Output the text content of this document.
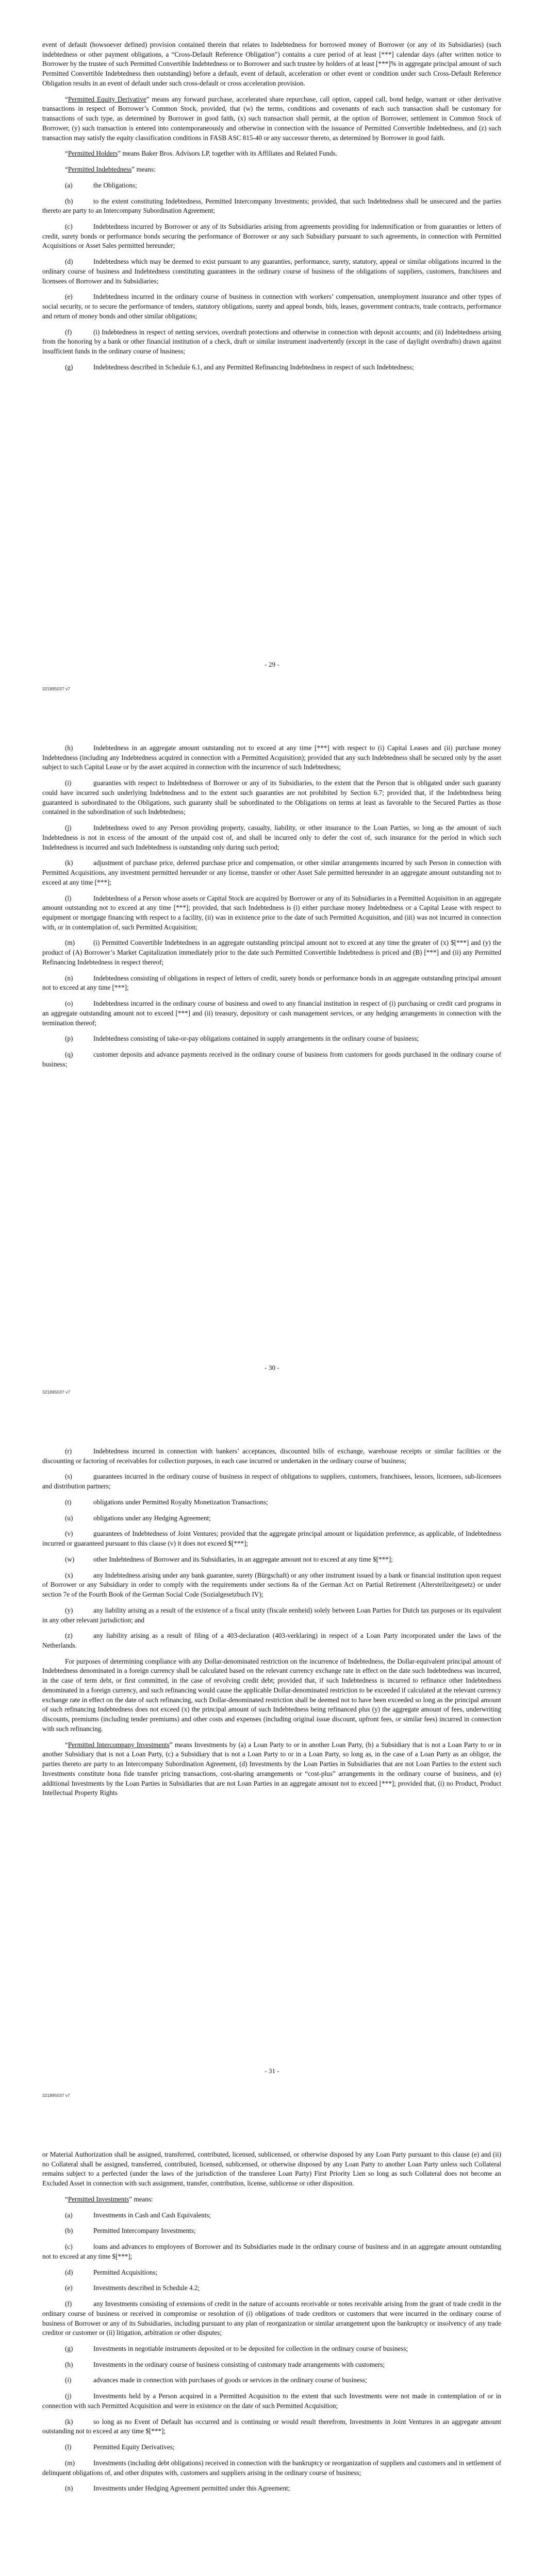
event of default (howsoever defined) provision contained therein that relates to Indebtedness for borrowed money of Borrower (or any of its Subsidiaries) (such indebtedness or other payment obligations, a “Cross-Default Reference Obligation”) contains a cure period of at least [***] calendar days (after written notice to Borrower by the trustee of such Permitted Convertible Indebtedness or to Borrower and such trustee by holders of at least [***]% in aggregate principal amount of such Permitted Convertible Indebtedness then outstanding) before a default, event of default, acceleration or other event or condition under such Cross-Default Reference Obligation results in an event of default under such cross-default or cross acceleration provision.

“Permitted Equity Derivative” means any forward purchase, accelerated share repurchase, call option, capped call, bond hedge, warrant or other derivative transactions in respect of Borrower’s Common Stock, provided, that (w) the terms, conditions and covenants of each such transaction shall be customary for transactions of such type, as determined by Borrower in good faith, (x) such transaction shall permit, at the option of Borrower, settlement in Common Stock of Borrower, (y) such transaction is entered into contemporaneously and otherwise in connection with the issuance of Permitted Convertible Indebtedness, and (z) such transaction may satisfy the equity classification conditions in FASB ASC 815-40 or any successor thereto, as determined by Borrower in good faith.

“Permitted Holders” means Baker Bros. Advisors LP, together with its Affiliates and Related Funds.

“Permitted Indebtedness” means:

(a)	the Obligations;

(b)	to the extent constituting Indebtedness, Permitted Intercompany Investments; provided, that such Indebtedness shall be unsecured and the parties thereto are party to an Intercompany Subordination Agreement;

(c)	Indebtedness incurred by Borrower or any of its Subsidiaries arising from agreements providing for indemnification or from guaranties or letters of credit, surety bonds or performance bonds securing the performance of Borrower or any such Subsidiary pursuant to such agreements, in connection with Permitted Acquisitions or Asset Sales permitted hereunder;

(d)	Indebtedness which may be deemed to exist pursuant to any guaranties, performance, surety, statutory, appeal or similar obligations incurred in the ordinary course of business and Indebtedness constituting guarantees in the ordinary course of business of the obligations of suppliers, customers, franchisees and licensees of Borrower and its Subsidiaries;

(e)	Indebtedness incurred in the ordinary course of business in connection with workers’ compensation, unemployment insurance and other types of social security, or to secure the performance of tenders, statutory obligations, surety and appeal bonds, bids, leases, government contracts, trade contracts, performance and return of money bonds and other similar obligations;

(f)	(i) Indebtedness in respect of netting services, overdraft protections and otherwise in connection with deposit accounts; and (ii) Indebtedness arising from the honoring by a bank or other financial institution of a check, draft or similar instrument inadvertently (except in the case of daylight overdrafts) drawn against insufficient funds in the ordinary course of business;

(g)	Indebtedness described in Schedule 6.1, and any Permitted Refinancing Indebtedness in respect of such Indebtedness;

- 29 -
321895037 v7

(h)	Indebtedness in an aggregate amount outstanding not to exceed at any time [***] with respect to (i) Capital Leases and (ii) purchase money Indebtedness (including any Indebtedness acquired in connection with a Permitted Acquisition); provided that any such Indebtedness shall be secured only by the asset subject to such Capital Lease or by the asset acquired in connection with the incurrence of such Indebtedness;

(i)	guaranties with respect to Indebtedness of Borrower or any of its Subsidiaries, to the extent that the Person that is obligated under such guaranty could have incurred such underlying Indebtedness and to the extent such guaranties are not prohibited by Section 6.7; provided that, if the Indebtedness being guaranteed is subordinated to the Obligations, such guaranty shall be subordinated to the Obligations on terms at least as favorable to the Secured Parties as those contained in the subordination of such Indebtedness;

(j)	Indebtedness owed to any Person providing property, casualty, liability, or other insurance to the Loan Parties, so long as the amount of such Indebtedness is not in excess of the amount of the unpaid cost of, and shall be incurred only to defer the cost of, such insurance for the period in which such Indebtedness is incurred and such Indebtedness is outstanding only during such period;

(k)	adjustment of purchase price, deferred purchase price and compensation, or other similar arrangements incurred by such Person in connection with Permitted Acquisitions, any investment permitted hereunder or any license, transfer or other Asset Sale permitted hereunder in an aggregate amount outstanding not to exceed at any time [***];

(l)	Indebtedness of a Person whose assets or Capital Stock are acquired by Borrower or any of its Subsidiaries in a Permitted Acquisition in an aggregate amount outstanding not to exceed at any time [***]; provided, that such Indebtedness is (i) either purchase money Indebtedness or a Capital Lease with respect to equipment or mortgage financing with respect to a facility, (ii) was in existence prior to the date of such Permitted Acquisition, and (iii) was not incurred in connection with, or in contemplation of, such Permitted Acquisition;

(m)	(i) Permitted Convertible Indebtedness in an aggregate outstanding principal amount not to exceed at any time the greater of (x) $[***] and (y) the product of (A) Borrower’s Market Capitalization immediately prior to the date such Permitted Convertible Indebtedness is priced and (B) [***] and (ii) any Permitted Refinancing Indebtedness in respect thereof;

(n)	Indebtedness consisting of obligations in respect of letters of credit, surety bonds or performance bonds in an aggregate outstanding principal amount not to exceed at any time [***];

(o)	Indebtedness incurred in the ordinary course of business and owed to any financial institution in respect of (i) purchasing or credit card programs in an aggregate outstanding amount not to exceed [***] and (ii) treasury, depository or cash management services, or any hedging arrangements in connection with the termination thereof;

(p)	Indebtedness consisting of take-or-pay obligations contained in supply arrangements in the ordinary course of business;

(q)	customer deposits and advance payments received in the ordinary course of business from customers for goods purchased in the ordinary course of business;

- 30 -
321895037 v7

(r)	Indebtedness incurred in connection with bankers’ acceptances, discounted bills of exchange, warehouse receipts or similar facilities or the discounting or factoring of receivables for collection purposes, in each case incurred or undertaken in the ordinary course of business;

(s)	guarantees incurred in the ordinary course of business in respect of obligations to suppliers, customers, franchisees, lessors, licensees, sub-licensees and distribution partners;

(t)	obligations under Permitted Royalty Monetization Transactions;

(u)	obligations under any Hedging Agreement;

(v)	guarantees of Indebtedness of Joint Ventures; provided that the aggregate principal amount or liquidation preference, as applicable, of Indebtedness incurred or guaranteed pursuant to this clause (v) it does not exceed $[***];

(w)	other Indebtedness of Borrower and its Subsidiaries, in an aggregate amount not to exceed at any time $[***];

(x)	any Indebtedness arising under any bank guarantee, surety (Bürgschaft) or any other instrument issued by a bank or financial institution upon request of Borrower or any Subsidiary in order to comply with the requirements under sections 8a of the German Act on Partial Retirement (Altersteilzeitgesetz) or under section 7e of the Fourth Book of the German Social Code (Sozialgesetzbuch IV);

(y)	any liability arising as a result of the existence of a fiscal unity (fiscale eenheid) solely between Loan Parties for Dutch tax purposes or its equivalent in any other relevant jurisdiction; and

(z)	any liability arising as a result of filing of a 403-declaration (403-verklaring) in respect of a Loan Party incorporated under the laws of the Netherlands.

For purposes of determining compliance with any Dollar-denominated restriction on the incurrence of Indebtedness, the Dollar-equivalent principal amount of Indebtedness denominated in a foreign currency shall be calculated based on the relevant currency exchange rate in effect on the date such Indebtedness was incurred, in the case of term debt, or first committed, in the case of revolving credit debt; provided that, if such Indebtedness is incurred to refinance other Indebtedness denominated in a foreign currency, and such refinancing would cause the applicable Dollar-denominated restriction to be exceeded if calculated at the relevant currency exchange rate in effect on the date of such refinancing, such Dollar-denominated restriction shall be deemed not to have been exceeded so long as the principal amount of such refinancing Indebtedness does not exceed (x) the principal amount of such Indebtedness being refinanced plus (y) the aggregate amount of fees, underwriting discounts, premiums (including tender premiums) and other costs and expenses (including original issue discount, upfront fees, or similar fees) incurred in connection with such refinancing.

“Permitted Intercompany Investments” means Investments by (a) a Loan Party to or in another Loan Party, (b) a Subsidiary that is not a Loan Party to or in another Subsidiary that is not a Loan Party, (c) a Subsidiary that is not a Loan Party to or in a Loan Party, so long as, in the case of a Loan Party as an obligor, the parties thereto are party to an Intercompany Subordination Agreement, (d) Investments by the Loan Parties in Subsidiaries that are not Loan Parties to the extent such Investments constitute bona fide transfer pricing transactions, cost-sharing arrangements or “cost-plus” arrangements in the ordinary course of business, and (e) additional Investments by the Loan Parties in Subsidiaries that are not Loan Parties in an aggregate amount not to exceed [***]; provided that, (i) no Product, Product Intellectual Property Rights

- 31 -
321895037 v7

or Material Authorization shall be assigned, transferred, contributed, licensed, sublicensed, or otherwise disposed by any Loan Party pursuant to this clause (e) and (ii) no Collateral shall be assigned, transferred, contributed, licensed, sublicensed, or otherwise disposed by any Loan Party to another Loan Party unless such Collateral remains subject to a perfected (under the laws of the jurisdiction of the transferee Loan Party) First Priority Lien so long as such Collateral does not become an Excluded Asset in connection with such assignment, transfer, contribution, license, sublicense or other disposition.

“Permitted Investments” means:

(a)	Investments in Cash and Cash Equivalents;

(b)	Permitted Intercompany Investments;

(c)	loans and advances to employees of Borrower and its Subsidiaries made in the ordinary course of business and in an aggregate amount outstanding not to exceed at any time $[***];

(d)	Permitted Acquisitions;

(e)	Investments described in Schedule 4.2;

(f)	any Investments consisting of extensions of credit in the nature of accounts receivable or notes receivable arising from the grant of trade credit in the ordinary course of business or received in compromise or resolution of (i) obligations of trade creditors or customers that were incurred in the ordinary course of business of Borrower or any of its Subsidiaries, including pursuant to any plan of reorganization or similar arrangement upon the bankruptcy or insolvency of any trade creditor or customer or (ii) litigation, arbitration or other disputes;

(g)	Investments in negotiable instruments deposited or to be deposited for collection in the ordinary course of business;

(h)	Investments in the ordinary course of business consisting of customary trade arrangements with customers;

(i)	advances made in connection with purchases of goods or services in the ordinary course of business;

(j)	Investments held by a Person acquired in a Permitted Acquisition to the extent that such Investments were not made in contemplation of or in connection with such Permitted Acquisition and were in existence on the date of such Permitted Acquisition;

(k)	so long as no Event of Default has occurred and is continuing or would result therefrom, Investments in Joint Ventures in an aggregate amount outstanding not to exceed at any time $[***];

(l)	Permitted Equity Derivatives;

(m)	Investments (including debt obligations) received in connection with the bankruptcy or reorganization of suppliers and customers and in settlement of delinquent obligations of, and other disputes with, customers and suppliers arising in the ordinary course of business;

(n)	Investments under Hedging Agreement permitted under this Agreement;
